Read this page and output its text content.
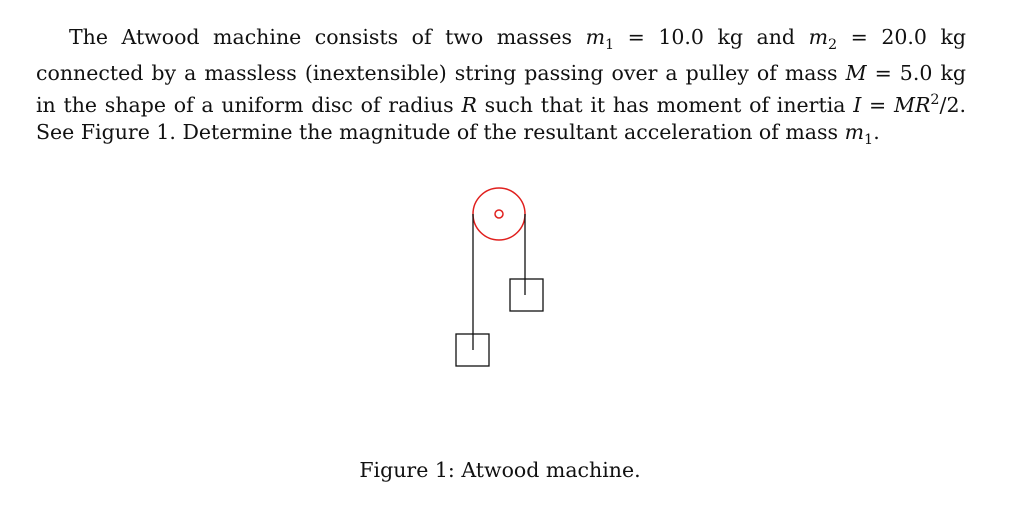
The Atwood machine consists of two masses $m_1 = 10.0$ kg and $m_2 = 20.0$ kg connected by a massless (inextensible) string passing over a pulley of mass M = 5.0 kg in the shape of a uniform disc of radius R such that it has moment of inertia $I = MR^2/2$. See Figure 1. Determine the magnitude of the resultant acceleration of mass $m_1$.

Figure 1: Atwood machine.
